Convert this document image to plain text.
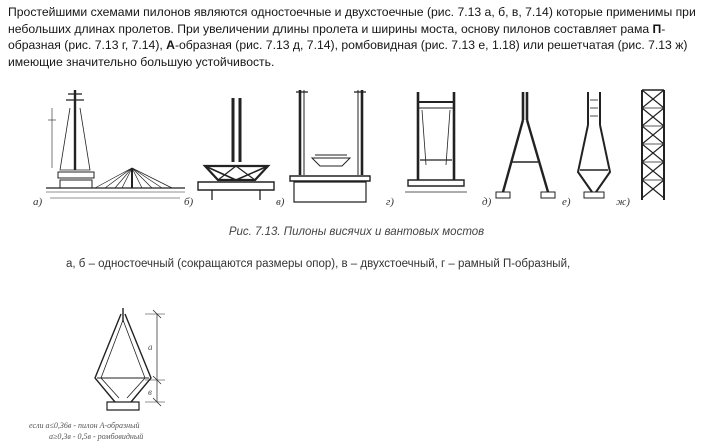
Простейшими схемами пилонов являются одностоечные и двухстоечные (рис. 7.13 а, б, в, 7.14) которые применимы при небольших длинах пролетов. При увеличении длины пролета и ширины моста, основу пилонов составляет рама П-образная (рис. 7.13 г, 7.14), А-образная (рис. 7.13 д, 7.14), ромбовидная (рис. 7.13 е, 1.18) или решетчатая (рис. 7.13 ж) имеющие значительно большую устойчивость.
а)	б)	в)	г)	д)	е)	ж)
Рис. 7.13. Пилоны висячих и вантовых мостов
а, б – одностоечный (сокращаются размеры опор), в – двухстоечный, г – рамный П-образный,
a
в
если а≤0,36в - пилон A-образный
а≥0,3в - 0,5в - ромбовидный
